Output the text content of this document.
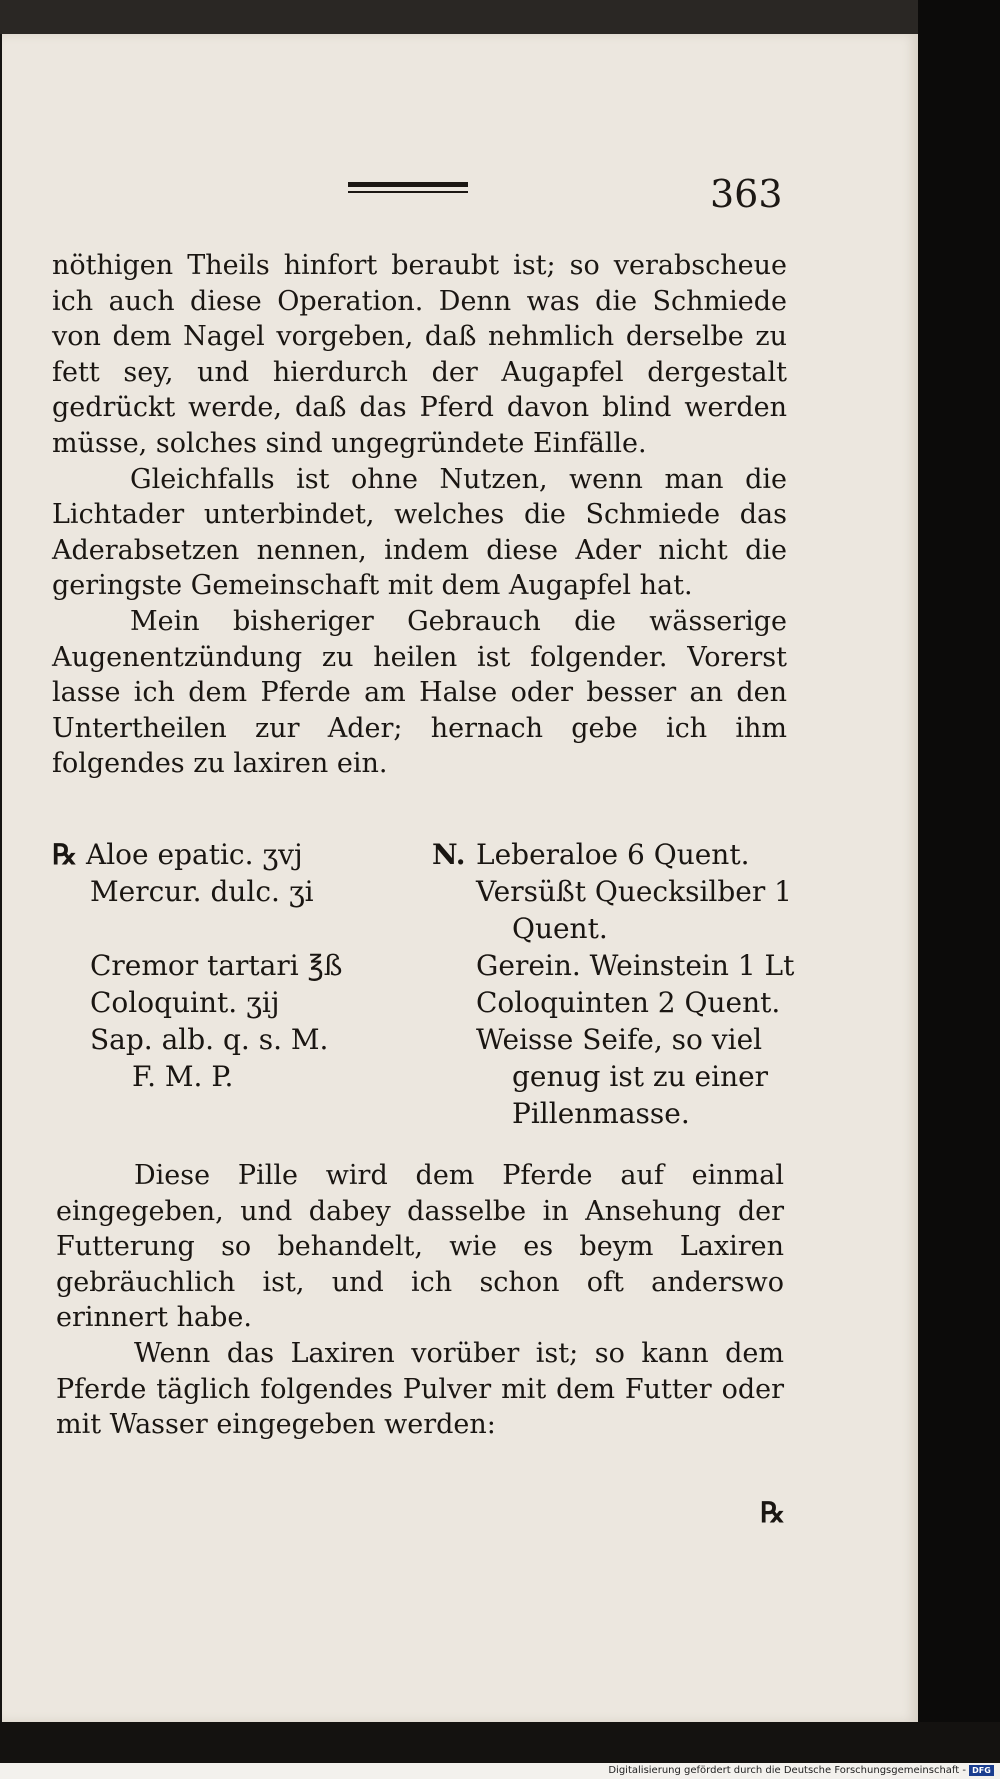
363

nöthigen Theils hinfort beraubt ist; so verabscheue ich auch diese Operation. Denn was die Schmiede von dem Nagel vorgeben, daß nehmlich derselbe zu fett sey, und hierdurch der Augapfel dergestalt gedrückt werde, daß das Pferd davon blind werden müsse, solches sind ungegründete Einfälle.

Gleichfalls ist ohne Nutzen, wenn man die Lichtader unterbindet, welches die Schmiede das Aderabsetzen nennen, indem diese Ader nicht die geringste Gemeinschaft mit dem Augapfel hat.

Mein bisheriger Gebrauch die wässerige Augenentzündung zu heilen ist folgender. Vorerst lasse ich dem Pferde am Halse oder besser an den Untertheilen zur Ader; hernach gebe ich ihm folgendes zu laxiren ein.

℞ Aloe epatic. ʒvj
Mercur. dulc. ʒi
Cremor tartari ℥ß
Coloquint. ʒij
Sap. alb. q. s. M.
F. M. P.
N. Leberaloe 6 Quent.
Versüßt Quecksilber 1
Quent.
Gerein. Weinstein 1 Lt
Coloquinten 2 Quent.
Weisse Seife, so viel
genug ist zu einer
Pillenmasse.

Diese Pille wird dem Pferde auf einmal eingegeben, und dabey dasselbe in Ansehung der Futterung so behandelt, wie es beym Laxiren gebräuchlich ist, und ich schon oft anderswo erinnert habe.

Wenn das Laxiren vorüber ist; so kann dem Pferde täglich folgendes Pulver mit dem Futter oder mit Wasser eingegeben werden:

℞
Digitalisierung gefördert durch die Deutsche Forschungsgemeinschaft - DFG
